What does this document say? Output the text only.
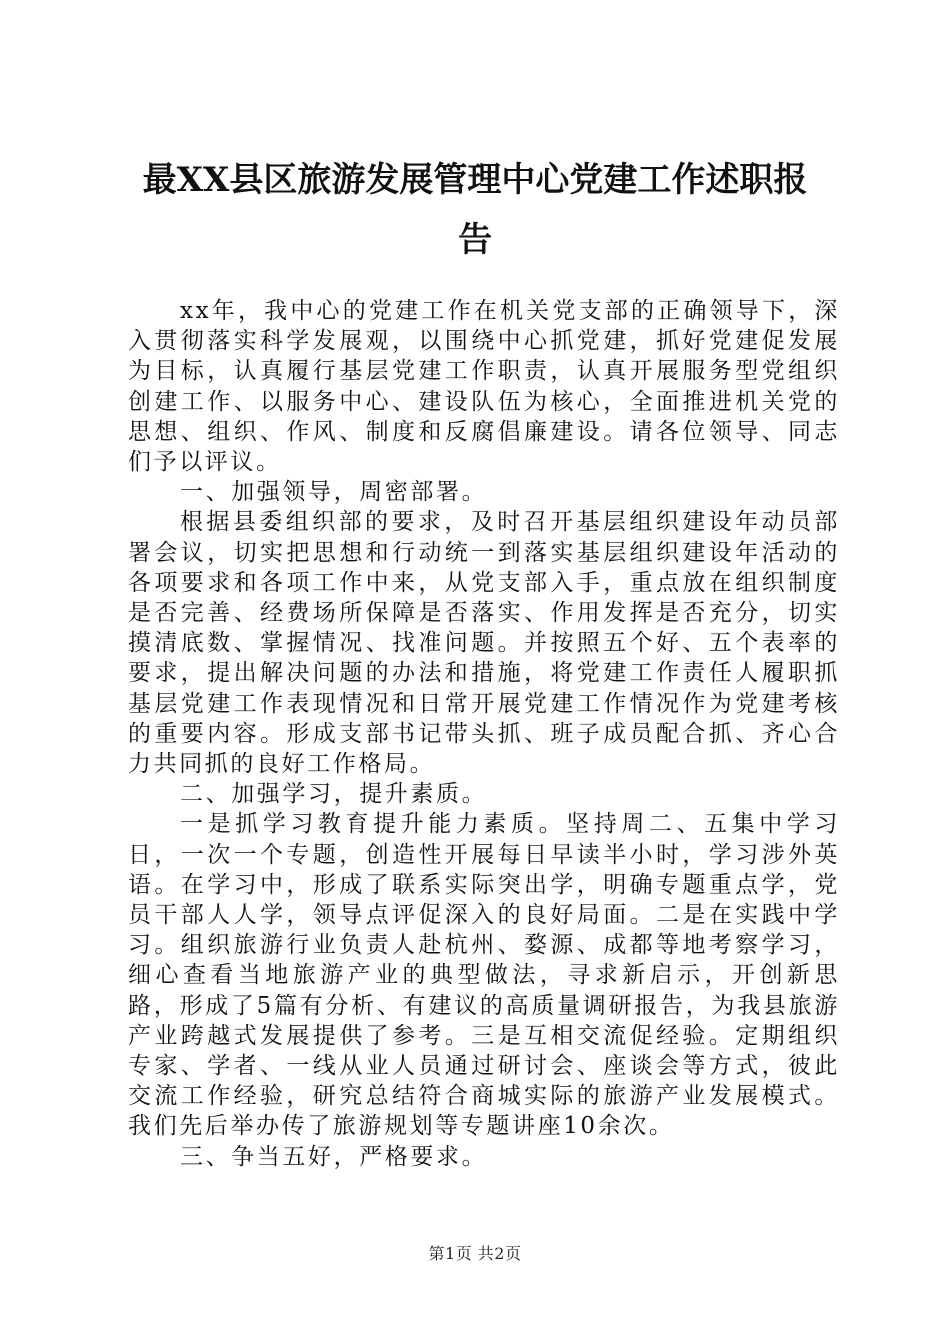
最XX县区旅游发展管理中心党建工作述职报
告

xx年，我中心的党建工作在机关党支部的正确领导下，深入贯彻落实科学发展观，以围绕中心抓党建，抓好党建促发展为目标，认真履行基层党建工作职责，认真开展服务型党组织创建工作、以服务中心、建设队伍为核心，全面推进机关党的思想、组织、作风、制度和反腐倡廉建设。请各位领导、同志们予以评议。

一、加强领导，周密部署。

根据县委组织部的要求，及时召开基层组织建设年动员部署会议，切实把思想和行动统一到落实基层组织建设年活动的各项要求和各项工作中来，从党支部入手，重点放在组织制度是否完善、经费场所保障是否落实、作用发挥是否充分，切实摸清底数、掌握情况、找准问题。并按照五个好、五个表率的要求，提出解决问题的办法和措施，将党建工作责任人履职抓基层党建工作表现情况和日常开展党建工作情况作为党建考核的重要内容。形成支部书记带头抓、班子成员配合抓、齐心合力共同抓的良好工作格局。

二、加强学习，提升素质。

一是抓学习教育提升能力素质。坚持周二、五集中学习日，一次一个专题，创造性开展每日早读半小时，学习涉外英语。在学习中，形成了联系实际突出学，明确专题重点学，党员干部人人学，领导点评促深入的良好局面。二是在实践中学习。组织旅游行业负责人赴杭州、婺源、成都等地考察学习，细心查看当地旅游产业的典型做法，寻求新启示，开创新思路，形成了5篇有分析、有建议的高质量调研报告，为我县旅游产业跨越式发展提供了参考。三是互相交流促经验。定期组织专家、学者、一线从业人员通过研讨会、座谈会等方式，彼此交流工作经验，研究总结符合商城实际的旅游产业发展模式。我们先后举办传了旅游规划等专题讲座10余次。

三、争当五好，严格要求。

第1页 共2页
